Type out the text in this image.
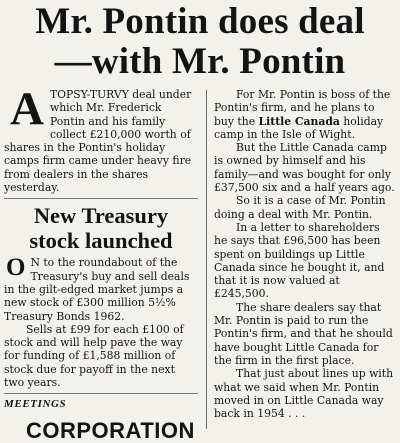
Mr. Pontin does deal
—with Mr. Pontin
A TOPSY-TURVY deal under which Mr. Frederick Pontin and his family collect £210,000 worth of shares in the Pontin's holiday camps firm came under heavy fire from dealers in the shares yesterday.
New Treasury
stock launched
O N to the roundabout of the Treasury's buy and sell deals in the gilt-edged market jumps a new stock of £300 million 5½% Treasury Bonds 1962.
Sells at £99 for each £100 of stock and will help pave the way for funding of £1,588 million of stock due for payoff in the next two years.
MEETINGS
CORPORATION
For Mr. Pontin is boss of the Pontin's firm, and he plans to buy the Little Canada holiday camp in the Isle of Wight.
But the Little Canada camp is owned by himself and his family—and was bought for only £37,500 six and a half years ago.
So it is a case of Mr. Pontin doing a deal with Mr. Pontin.
In a letter to shareholders he says that £96,500 has been spent on buildings up Little Canada since he bought it, and that it is now valued at £245,500.
The share dealers say that Mr. Pontin is paid to run the Pontin's firm, and that he should have bought Little Canada for the firm in the first place.
That just about lines up with what we said when Mr. Pontin moved in on Little Canada way back in 1954 . . .
